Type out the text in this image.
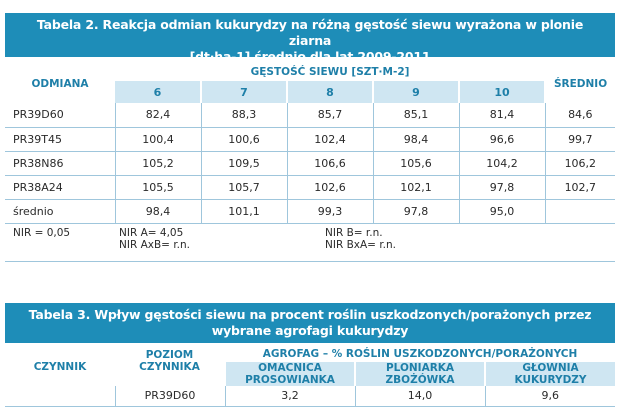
Tabela 2. Reakcja odmian kukurydzy na różną gęstość siewu wyrażona w plonie ziarna
[dt·ha-1] średnio dla lat 2009-2011
ODMIANA	GĘSTOŚĆ SIEWU [SZT·M-2]					ŚREDNIO
	6	7	8	9	10	
PR39D60	82,4	88,3	85,7	85,1	81,4	84,6
PR39T45	100,4	100,6	102,4	98,4	96,6	99,7
PR38N86	105,2	109,5	106,6	105,6	104,2	106,2
PR38A24	105,5	105,7	102,6	102,1	97,8	102,7
średnio	98,4	101,1	99,3	97,8	95,0	
NIR = 0,05	NIR A= 4,05
NIR AxB= r.n.		NIR B= r.n.
NIR BxA= r.n.			

Tabela 3. Wpływ gęstości siewu na procent roślin uszkodzonych/porażonych przez
wybrane agrofagi kukurydzy
CZYNNIK	POZIOM CZYNNIKA	AGROFAG – % ROŚLIN USZKODZONYCH/PORAŻONYCH		
		OMACNICA PROSOWIANKA	PLONIARKA ZBOŻÓWKA	GŁOWNIA KUKURYDZY
	PR39D60	3,2	14,0	9,6
